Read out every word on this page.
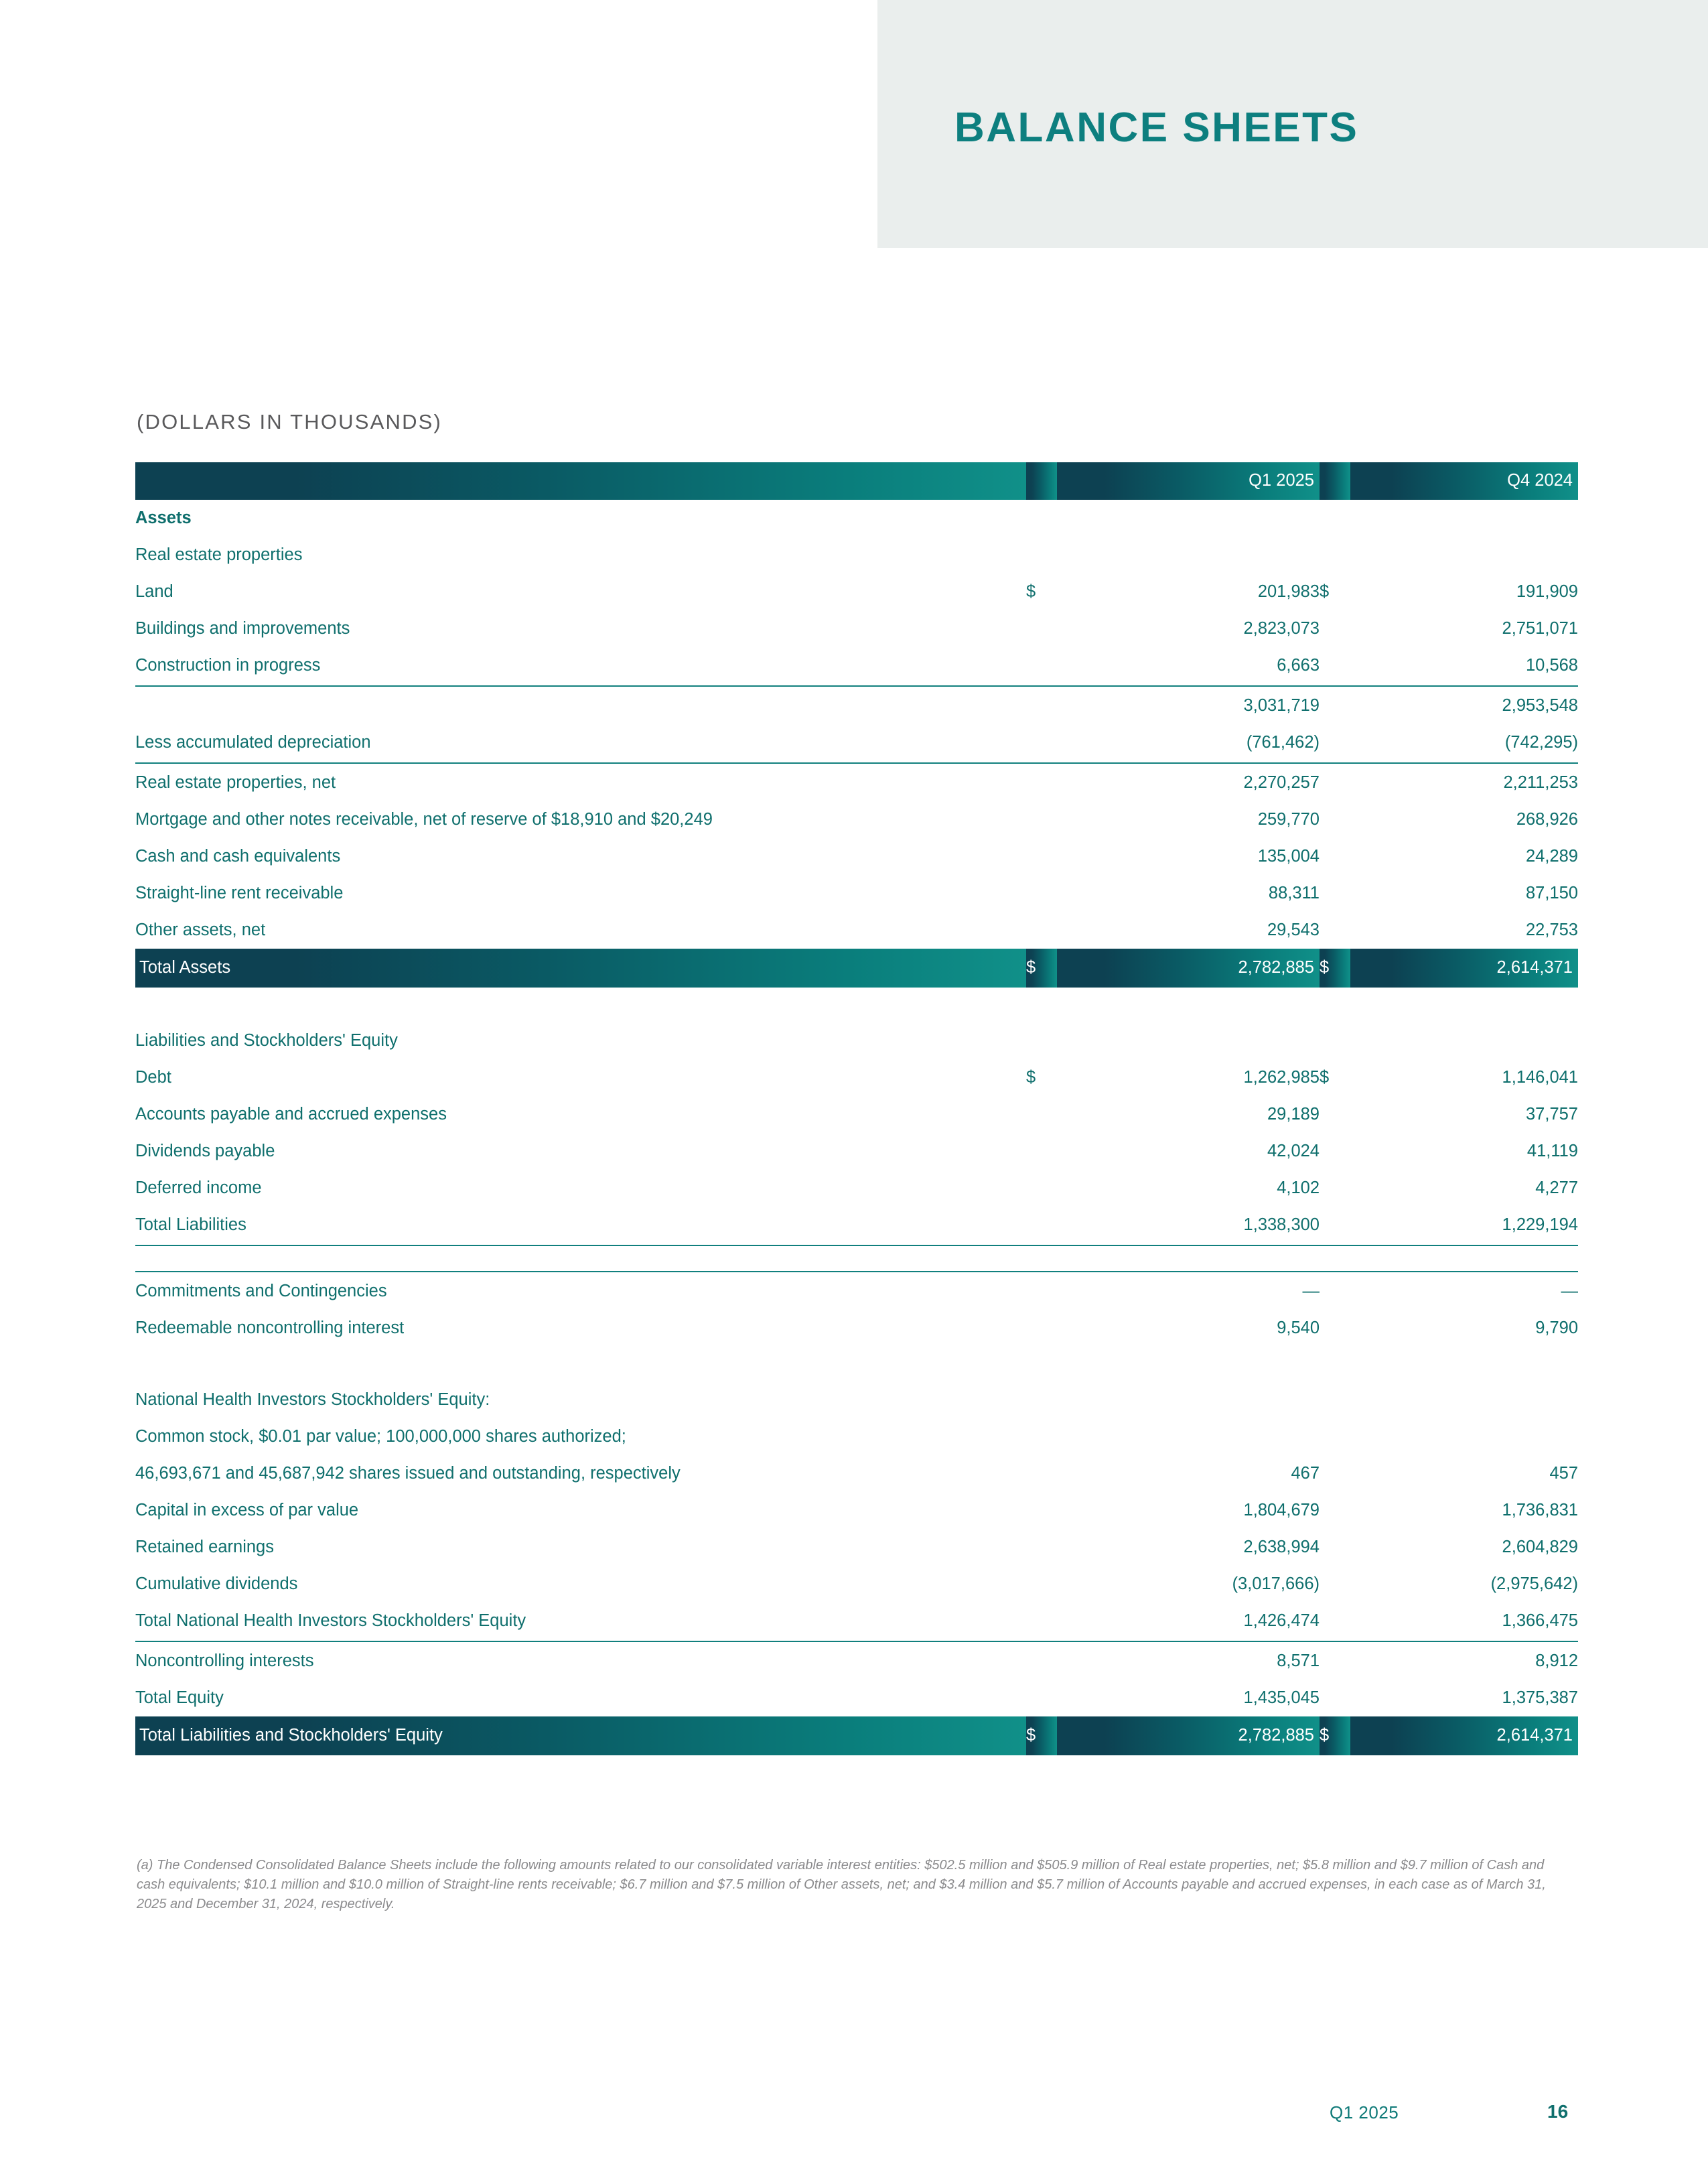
BALANCE SHEETS
(DOLLARS IN THOUSANDS)
		Q1 2025		Q4 2024
Assets				
Real estate properties				
Land	$	201,983	$	191,909
Buildings and improvements		2,823,073		2,751,071
Construction in progress		6,663		10,568

		3,031,719		2,953,548
Less accumulated depreciation		(761,462)		(742,295)

Real estate properties, net		2,270,257		2,211,253
Mortgage and other notes receivable, net of reserve of $18,910 and $20,249		259,770		268,926
Cash and cash equivalents		135,004		24,289
Straight-line rent receivable		88,311		87,150
Other assets, net		29,543		22,753
Total Assets	$	2,782,885	$	2,614,371

Liabilities and Stockholders' Equity				
Debt	$	1,262,985	$	1,146,041
Accounts payable and accrued expenses		29,189		37,757
Dividends payable		42,024		41,119
Deferred income		4,102		4,277
Total Liabilities		1,338,300		1,229,194

Commitments and Contingencies		—		—
Redeemable noncontrolling interest		9,540		9,790

National Health Investors Stockholders' Equity:				
Common stock, $0.01 par value; 100,000,000 shares authorized;				
46,693,671 and 45,687,942 shares issued and outstanding, respectively		467		457
Capital in excess of par value		1,804,679		1,736,831
Retained earnings		2,638,994		2,604,829
Cumulative dividends		(3,017,666)		(2,975,642)
Total National Health Investors Stockholders' Equity		1,426,474		1,366,475

Noncontrolling interests		8,571		8,912
Total Equity		1,435,045		1,375,387
Total Liabilities and Stockholders' Equity	$	2,782,885	$	2,614,371
(a) The Condensed Consolidated Balance Sheets include the following amounts related to our consolidated variable interest entities: $502.5 million and $505.9 million of Real estate properties, net; $5.8 million and $9.7 million of Cash and cash equivalents; $10.1 million and $10.0 million of Straight-line rents receivable; $6.7 million and $7.5 million of Other assets, net; and $3.4 million and $5.7 million of Accounts payable and accrued expenses, in each case as of March 31, 2025 and December 31, 2024, respectively.
Q1 2025	16
